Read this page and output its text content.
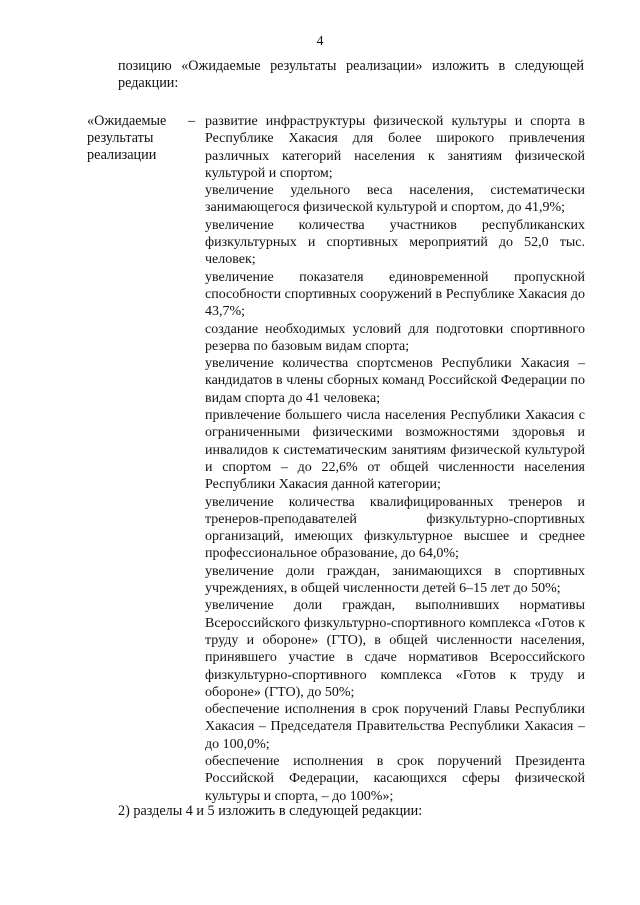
4
позицию «Ожидаемые результаты реализации» изложить в следующей
редакции:
«Ожидаемые
результаты
реализации
– развитие инфраструктуры физической культуры и спорта в Республике Хакасия для более широкого привлечения различных категорий населения к занятиям физической культурой и спортом;

увеличение удельного веса населения, систематически занимающегося физической культурой и спортом, до 41,9%;

увеличение количества участников республиканских физкультурных и спортивных мероприятий до 52,0 тыс. человек;

увеличение показателя единовременной пропускной способности спортивных сооружений в Республике Хакасия до 43,7%;

создание необходимых условий для подготовки спортивного резерва по базовым видам спорта;

увеличение количества спортсменов Республики Хакасия – кандидатов в члены сборных команд Российской Федерации по видам спорта до 41 человека;

привлечение большего числа населения Республики Хакасия с ограниченными физическими возможностями здоровья и инвалидов к систематическим занятиям физической культурой и спортом – до 22,6% от общей численности населения Республики Хакасия данной категории;

увеличение количества квалифицированных тренеров и тренеров-преподавателей физкультурно-спортивных организаций, имеющих физкультурное высшее и среднее профессиональное образование, до 64,0%;

увеличение доли граждан, занимающихся в спортивных учреждениях, в общей численности детей 6–15 лет до 50%;

увеличение доли граждан, выполнивших нормативы Всероссийского физкультурно-спортивного комплекса «Готов к труду и обороне» (ГТО), в общей численности населения, принявшего участие в сдаче нормативов Всероссийского физкультурно-спортивного комплекса «Готов к труду и обороне» (ГТО), до 50%;

обеспечение исполнения в срок поручений Главы Республики Хакасия – Председателя Правительства Республики Хакасия – до 100,0%;

обеспечение исполнения в срок поручений Президента Российской Федерации, касающихся сферы физической культуры и спорта, – до 100%»;

2) разделы 4 и 5 изложить в следующей редакции:
